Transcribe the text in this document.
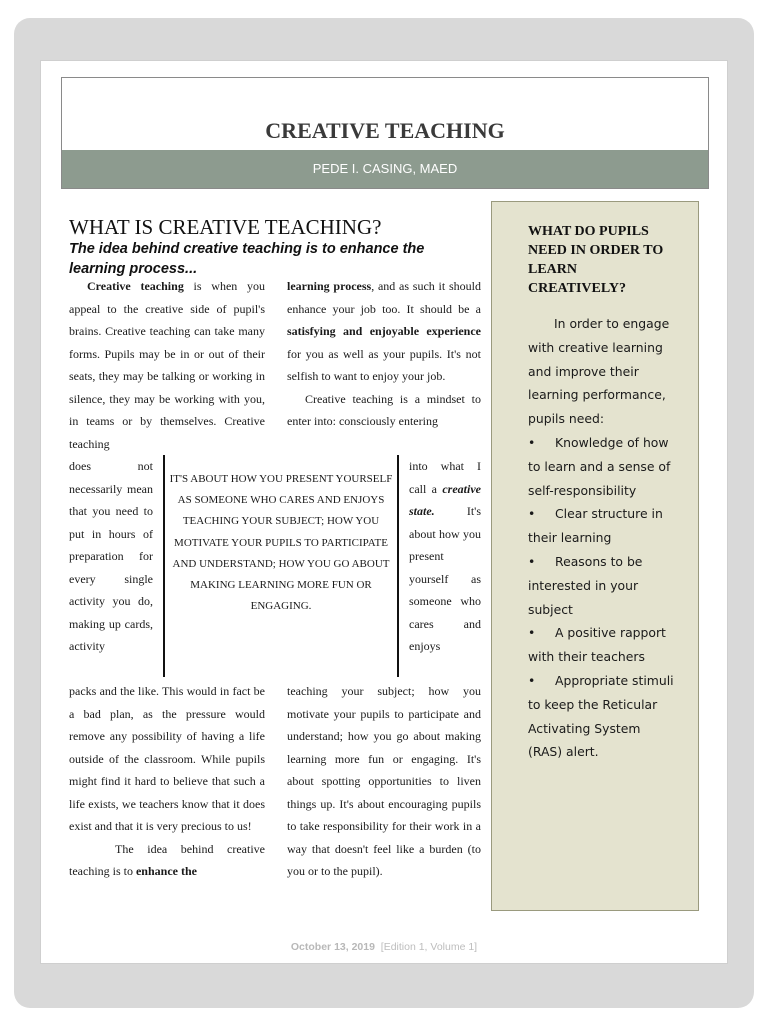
CREATIVE TEACHING
PEDE I. CASING, MAED
WHAT IS CREATIVE TEACHING?
The idea behind creative teaching is to enhance the learning process...

Creative teaching is when you appeal to the creative side of pupil's brains. Creative teaching can take many forms. Pupils may be in or out of their seats, they may be talking or working in silence, they may be working with you, in teams or by themselves. Creative teaching

does not necessarily mean that you need to put in hours of preparation for every single activity you do, making up cards, activity

IT'S ABOUT HOW YOU PRESENT YOURSELF AS SOMEONE WHO CARES AND ENJOYS TEACHING YOUR SUBJECT; HOW YOU MOTIVATE YOUR PUPILS TO PARTICIPATE AND UNDERSTAND; HOW YOU GO ABOUT MAKING LEARNING MORE FUN OR ENGAGING.

into what I call a creative state. It's about how you present yourself as someone who cares and enjoys

packs and the like. This would in fact be a bad plan, as the pressure would remove any possibility of having a life outside of the classroom. While pupils might find it hard to believe that such a life exists, we teachers know that it does exist and that it is very precious to us!

The idea behind creative teaching is to enhance the

learning process, and as such it should enhance your job too. It should be a satisfying and enjoyable experience for you as well as your pupils. It's not selfish to want to enjoy your job.

Creative teaching is a mindset to enter into: consciously entering

teaching your subject; how you motivate your pupils to participate and understand; how you go about making learning more fun or engaging. It's about spotting opportunities to liven things up. It's about encouraging pupils to take responsibility for their work in a way that doesn't feel like a burden (to you or to the pupil).

WHAT DO PUPILS NEED IN ORDER TO LEARN CREATIVELY?

In order to engage with creative learning and improve their learning performance, pupils need:

• Knowledge of how to learn and a sense of self-responsibility
• Clear structure in their learning
• Reasons to be interested in your subject
• A positive rapport with their teachers
• Appropriate stimuli to keep the Reticular Activating System (RAS) alert.
October 13, 2019 [Edition 1, Volume 1]
